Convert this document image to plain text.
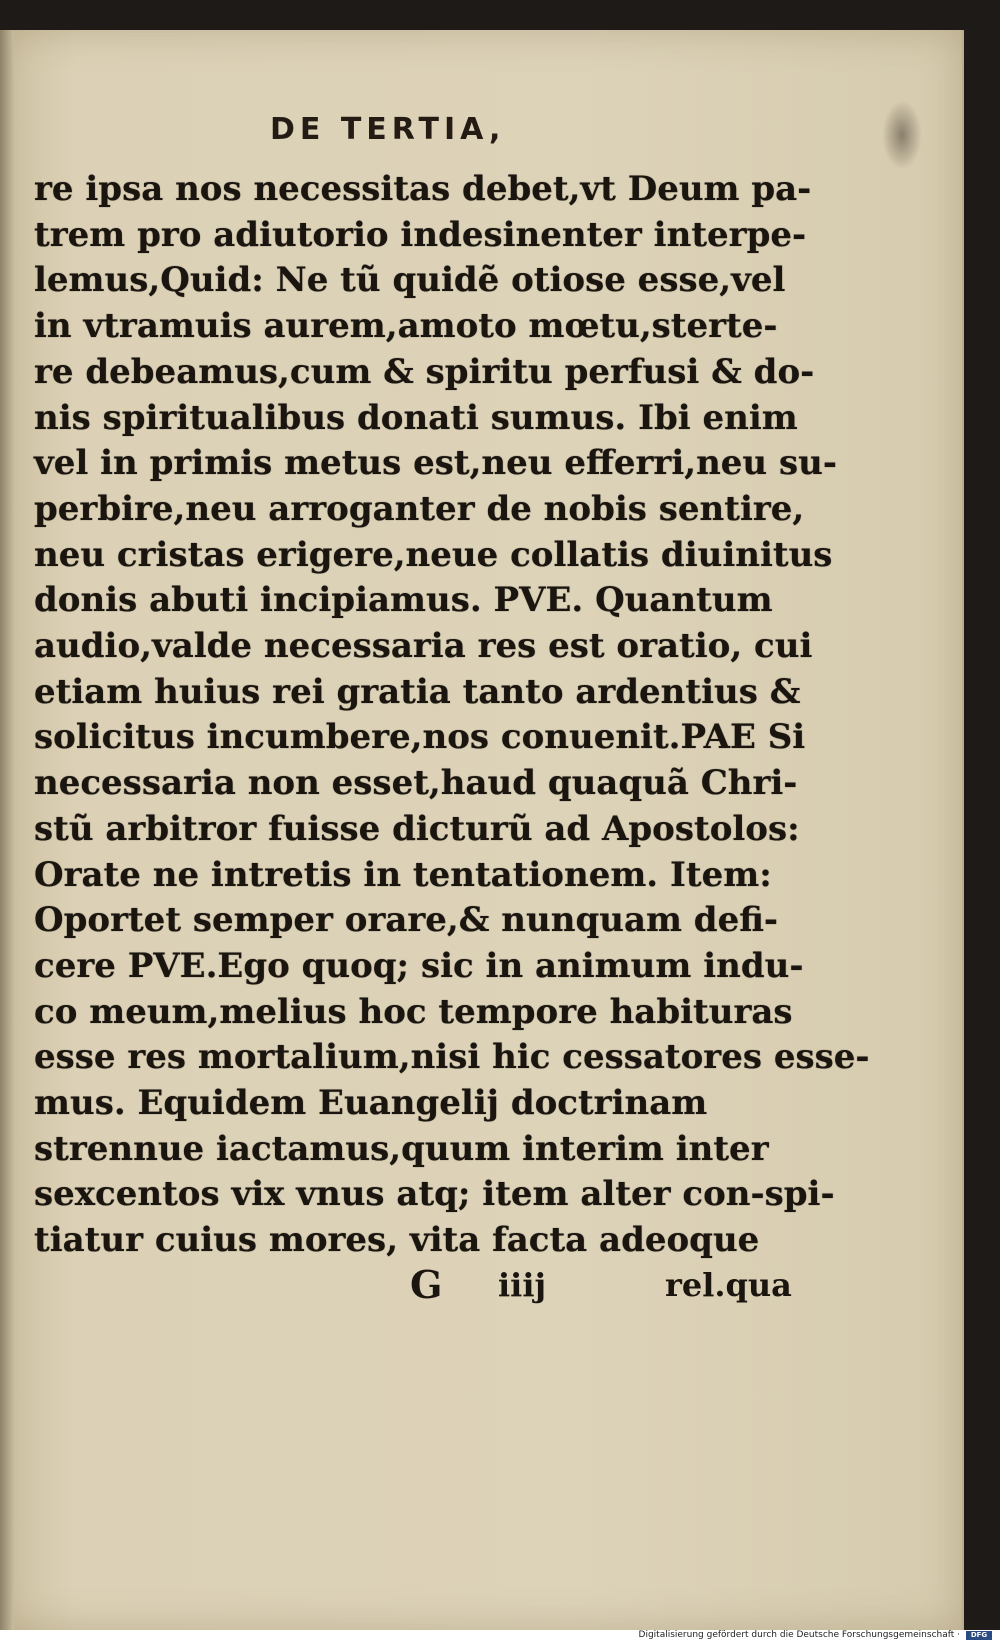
DE TERTIA,
re ipsa nos necessitas debet,vt Deum pa-
trem pro adiutorio indesinenter interpe-
lemus,Quid: Ne tũ quidẽ otiose esse,vel
in vtramuis aurem,amoto mœtu,sterte-
re debeamus,cum & spiritu perfusi & do-
nis spiritualibus donati sumus. Ibi enim
vel in primis metus est,neu efferri,neu su-
perbire,neu arroganter de nobis sentire,
neu cristas erigere,neue collatis diuinitus
donis abuti incipiamus. PVE. Quantum
audio,valde necessaria res est oratio, cui
etiam huius rei gratia tanto ardentius &
solicitus incumbere,nos conuenit.PAE Si
necessaria non esset,haud quaquã Chri-
stũ arbitror fuisse dicturũ ad Apostolos:
Orate ne intretis in tentationem. Item:
Oportet semper orare,& nunquam defi-
cere PVE.Ego quoq; sic in animum indu-
co meum,melius hoc tempore habituras
esse res mortalium,nisi hic cessatores esse-
mus. Equidem Euangelij doctrinam
strennue iactamus,quum interim inter
sexcentos vix vnus atq; item alter con-spi-
tiatur cuius mores, vita facta adeoque
G iiij	rel.qua
Digitalisierung gefördert durch die Deutsche Forschungsgemeinschaft ·	DFG
